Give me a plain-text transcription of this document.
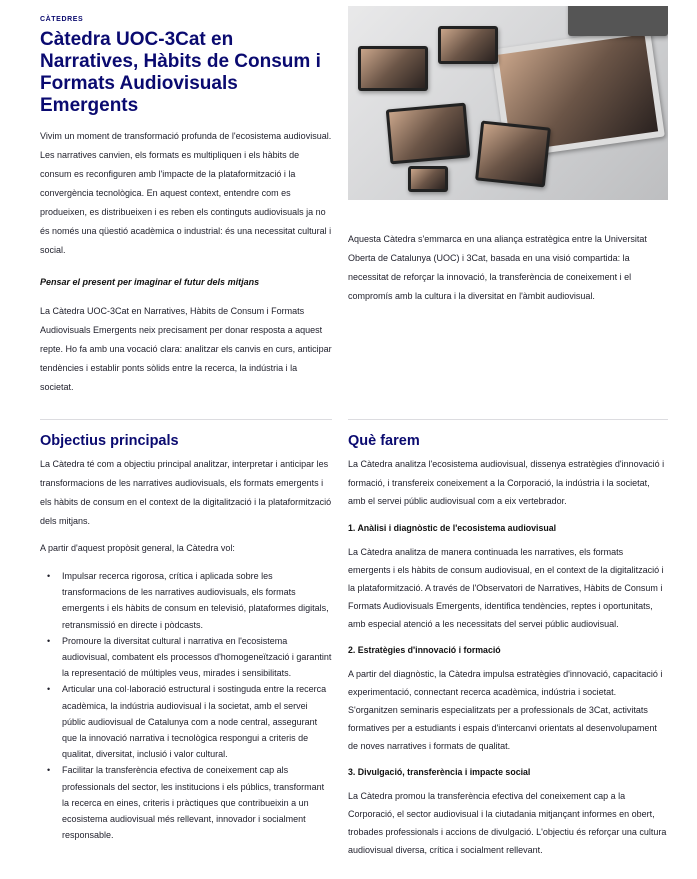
CÀTEDRES
Càtedra UOC-3Cat en Narratives, Hàbits de Consum i Formats Audiovisuals Emergents

Vivim un moment de transformació profunda de l'ecosistema audiovisual. Les narratives canvien, els formats es multipliquen i els hàbits de consum es reconfiguren amb l'impacte de la plataformització i la convergència tecnològica. En aquest context, entendre com es produeixen, es distribueixen i es reben els continguts audiovisuals ja no és només una qüestió acadèmica o industrial: és una necessitat cultural i social.

Pensar el present per imaginar el futur dels mitjans

La Càtedra UOC-3Cat en Narratives, Hàbits de Consum i Formats Audiovisuals Emergents neix precisament per donar resposta a aquest repte. Ho fa amb una vocació clara: analitzar els canvis en curs, anticipar tendències i establir ponts sòlids entre la recerca, la indústria i la societat.

Aquesta Càtedra s'emmarca en una aliança estratègica entre la Universitat Oberta de Catalunya (UOC) i 3Cat, basada en una visió compartida: la necessitat de reforçar la innovació, la transferència de coneixement i el compromís amb la cultura i la diversitat en l'àmbit audiovisual.

Objectius principals

La Càtedra té com a objectiu principal analitzar, interpretar i anticipar les transformacions de les narratives audiovisuals, els formats emergents i els hàbits de consum en el context de la digitalització i la plataformització dels mitjans.

A partir d'aquest propòsit general, la Càtedra vol:

• Impulsar recerca rigorosa, crítica i aplicada sobre les transformacions de les narratives audiovisuals, els formats emergents i els hàbits de consum en televisió, plataformes digitals, retransmissió en directe i pòdcasts.
• Promoure la diversitat cultural i narrativa en l'ecosistema audiovisual, combatent els processos d'homogeneïtzació i garantint la representació de múltiples veus, mirades i sensibilitats.
• Articular una col·laboració estructural i sostinguda entre la recerca acadèmica, la indústria audiovisual i la societat, amb el servei públic audiovisual de Catalunya com a node central, assegurant que la innovació narrativa i tecnològica respongui a criteris de qualitat, diversitat, inclusió i valor cultural.
• Facilitar la transferència efectiva de coneixement cap als professionals del sector, les institucions i els públics, transformant la recerca en eines, criteris i pràctiques que contribueixin a un ecosistema audiovisual més rellevant, innovador i socialment responsable.
Què farem

La Càtedra analitza l'ecosistema audiovisual, dissenya estratègies d'innovació i formació, i transfereix coneixement a la Corporació, la indústria i la societat, amb el servei públic audiovisual com a eix vertebrador.

1. Anàlisi i diagnòstic de l'ecosistema audiovisual

La Càtedra analitza de manera continuada les narratives, els formats emergents i els hàbits de consum audiovisual, en el context de la digitalització i la plataformització. A través de l'Observatori de Narratives, Hàbits de Consum i Formats Audiovisuals Emergents, identifica tendències, reptes i oportunitats, amb especial atenció a les necessitats del servei públic audiovisual.

2. Estratègies d'innovació i formació

A partir del diagnòstic, la Càtedra impulsa estratègies d'innovació, capacitació i experimentació, connectant recerca acadèmica, indústria i societat. S'organitzen seminaris especialitzats per a professionals de 3Cat, activitats formatives per a estudiants i espais d'intercanvi orientats al desenvolupament de noves narratives i formats de qualitat.

3. Divulgació, transferència i impacte social

La Càtedra promou la transferència efectiva del coneixement cap a la Corporació, el sector audiovisual i la ciutadania mitjançant informes en obert, trobades professionals i accions de divulgació. L'objectiu és reforçar una cultura audiovisual diversa, crítica i socialment rellevant.
